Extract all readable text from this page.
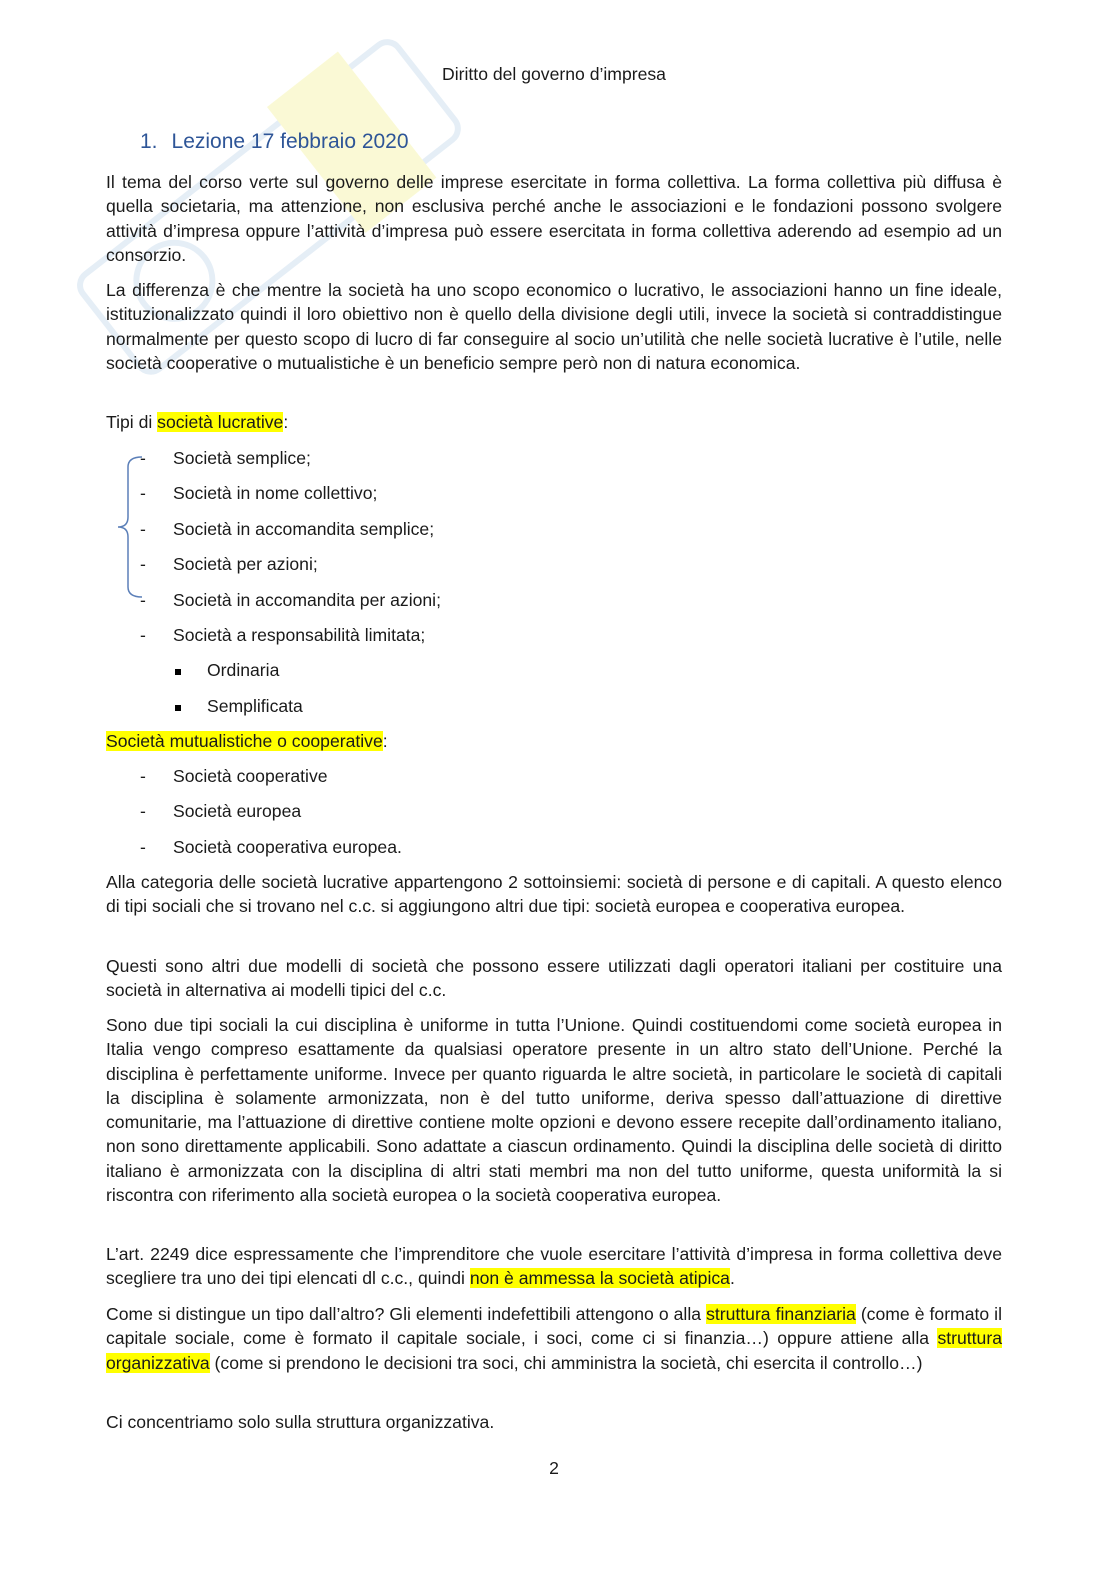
Diritto del governo d’impresa
1. Lezione 17 febbraio 2020

Il tema del corso verte sul governo delle imprese esercitate in forma collettiva. La forma collettiva più diffusa è quella societaria, ma attenzione, non esclusiva perché anche le associazioni e le fondazioni possono svolgere attività d’impresa oppure l’attività d’impresa può essere esercitata in forma collettiva aderendo ad esempio ad un consorzio.

La differenza è che mentre la società ha uno scopo economico o lucrativo, le associazioni hanno un fine ideale, istituzionalizzato quindi il loro obiettivo non è quello della divisione degli utili, invece la società si contraddistingue normalmente per questo scopo di lucro di far conseguire al socio un’utilità che nelle società lucrative è l’utile, nelle società cooperative o mutualistiche è un beneficio sempre però non di natura economica.

Tipi di società lucrative:

- Società semplice;
- Società in nome collettivo;
- Società in accomandita semplice;
- Società per azioni;
- Società in accomandita per azioni;
- Società a responsabilità limitata;
Ordinaria
Semplificata

Società mutualistiche o cooperative:

- Società cooperative
- Società europea
- Società cooperativa europea.

Alla categoria delle società lucrative appartengono 2 sottoinsiemi: società di persone e di capitali. A questo elenco di tipi sociali che si trovano nel c.c. si aggiungono altri due tipi: società europea e cooperativa europea.

Questi sono altri due modelli di società che possono essere utilizzati dagli operatori italiani per costituire una società in alternativa ai modelli tipici del c.c.

Sono due tipi sociali la cui disciplina è uniforme in tutta l’Unione. Quindi costituendomi come società europea in Italia vengo compreso esattamente da qualsiasi operatore presente in un altro stato dell’Unione. Perché la disciplina è perfettamente uniforme. Invece per quanto riguarda le altre società, in particolare le società di capitali la disciplina è solamente armonizzata, non è del tutto uniforme, deriva spesso dall’attuazione di direttive comunitarie, ma l’attuazione di direttive contiene molte opzioni e devono essere recepite dall’ordinamento italiano, non sono direttamente applicabili. Sono adattate a ciascun ordinamento. Quindi la disciplina delle società di diritto italiano è armonizzata con la disciplina di altri stati membri ma non del tutto uniforme, questa uniformità la si riscontra con riferimento alla società europea o la società cooperativa europea.

L’art. 2249 dice espressamente che l’imprenditore che vuole esercitare l’attività d’impresa in forma collettiva deve scegliere tra uno dei tipi elencati dl c.c., quindi non è ammessa la società atipica.

Come si distingue un tipo dall’altro? Gli elementi indefettibili attengono o alla struttura finanziaria (come è formato il capitale sociale, come è formato il capitale sociale, i soci, come ci si finanzia…) oppure attiene alla struttura organizzativa (come si prendono le decisioni tra soci, chi amministra la società, chi esercita il controllo…)

Ci concentriamo solo sulla struttura organizzativa.

2
